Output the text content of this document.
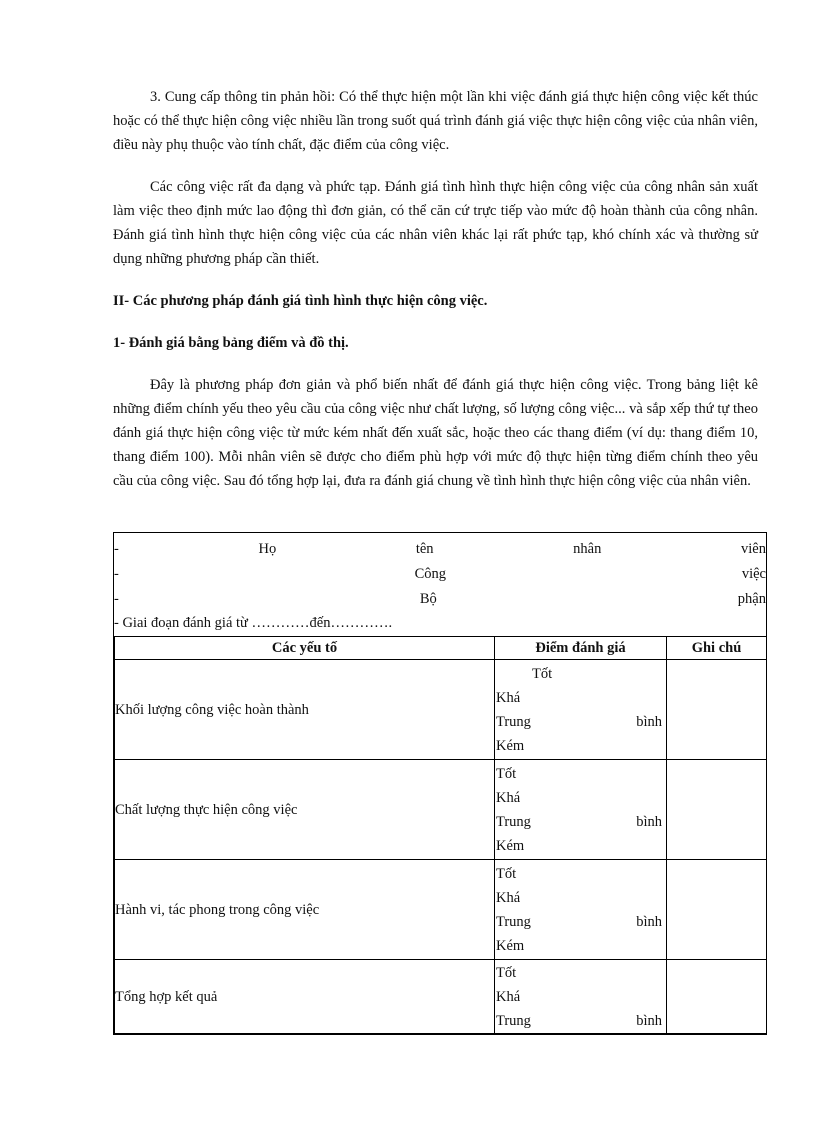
3. Cung cấp thông tin phản hồi: Có thể thực hiện một lần khi việc đánh giá thực hiện công việc kết thúc hoặc có thể thực hiện công việc nhiều lần trong suốt quá trình đánh giá việc thực hiện công việc của nhân viên, điều này phụ thuộc vào tính chất, đặc điểm của công việc.

Các công việc rất đa dạng và phức tạp. Đánh giá tình hình thực hiện công việc của công nhân sản xuất làm việc theo định mức lao động thì đơn giản, có thể căn cứ trực tiếp vào mức độ hoàn thành của công nhân. Đánh giá tình hình thực hiện công việc của các nhân viên khác lại rất phức tạp, khó chính xác và thường sử dụng những phương pháp cần thiết.

II- Các phương pháp đánh giá tình hình thực hiện công việc.

1- Đánh giá bằng bảng điểm và đồ thị.

Đây là phương pháp đơn giản và phổ biến nhất để đánh giá thực hiện công việc. Trong bảng liệt kê những điểm chính yếu theo yêu cầu của công việc như chất lượng, số lượng công việc... và sắp xếp thứ tự theo đánh giá thực hiện công việc từ mức kém nhất đến xuất sắc, hoặc theo các thang điểm (ví dụ: thang điểm 10, thang điểm 100). Mỗi nhân viên sẽ được cho điểm phù hợp với mức độ thực hiện từng điểm chính theo yêu cầu của công việc. Sau đó tổng hợp lại, đưa ra đánh giá chung về tình hình thực hiện công việc của nhân viên.

-	Họ	tên	nhân	viên
-	Công	việc
-	Bộ	phận
- Giai đoạn đánh giá từ …………đến………….
Các yếu tố	Điểm đánh giá	Ghi chú
Khối lượng công việc hoàn thành	Tốt
Khá
Trung bình
Kém	

Chất lượng thực hiện công việc	Tốt
Khá
Trung bình
Kém	

Hành vi, tác phong trong công việc	Tốt
Khá
Trung bình
Kém	

Tổng hợp kết quả	Tốt
Khá
Trung bình	
